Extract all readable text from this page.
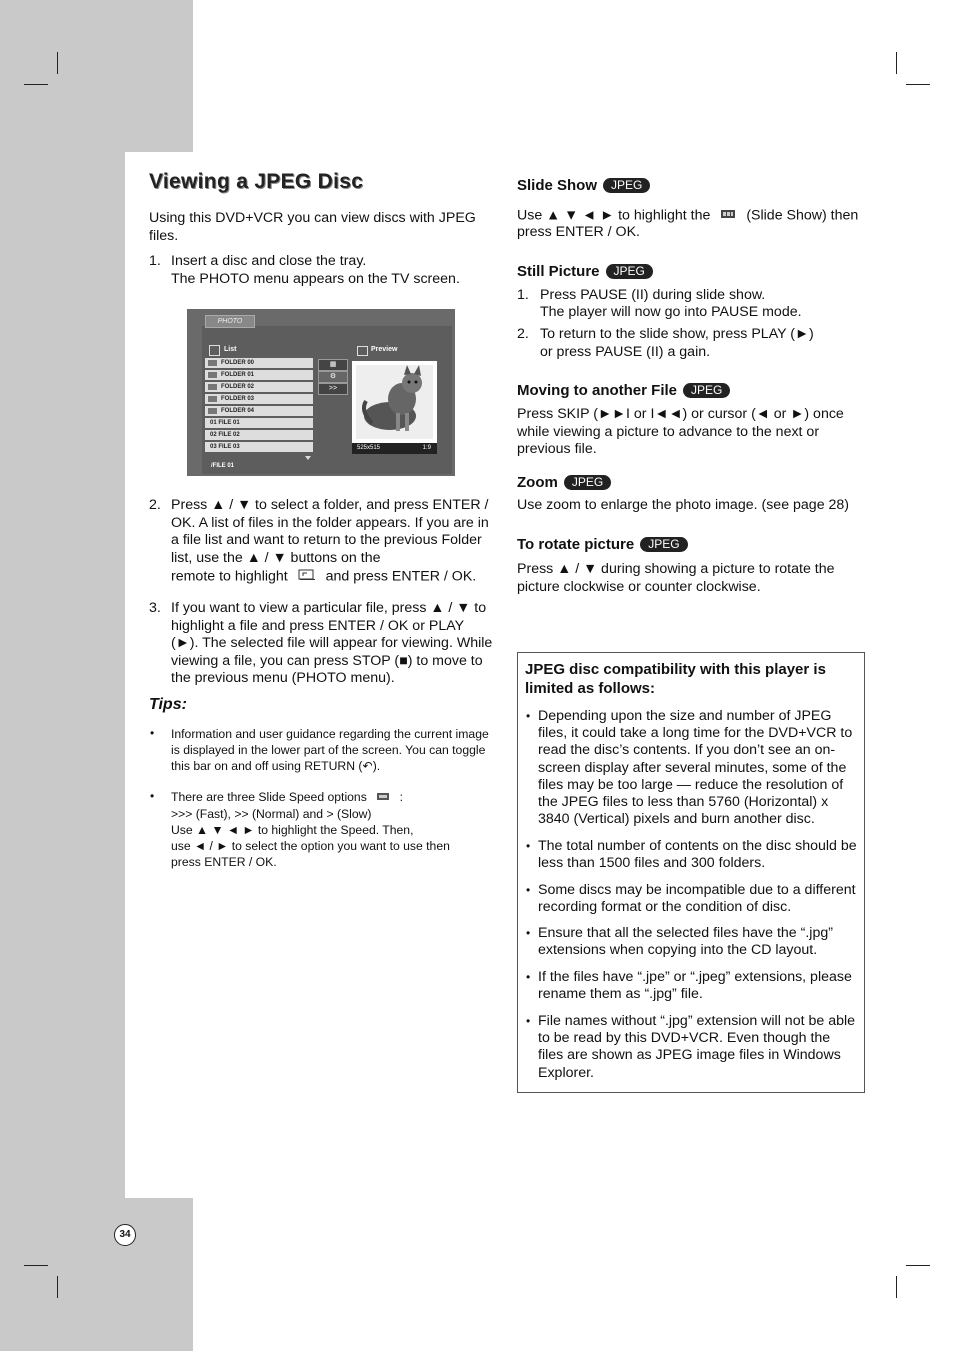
Viewing a JPEG Disc
Using this DVD+VCR you can view discs with JPEG files.
1. Insert a disc and close the tray.
The PHOTO menu appears on the TV screen.
PHOTO
List
FOLDER 00
FOLDER 01
FOLDER 02
FOLDER 03
FOLDER 04
01 FILE 01
02 FILE 02
03 FILE 03
▦
⚙
>>
Preview
525x515	1:9
/FILE 01
2. Press ▲ / ▼ to select a folder, and press ENTER / OK. A list of files in the folder appears. If you are in a file list and want to return to the previous Folder list, use the ▲ / ▼ buttons on the
remote to highlight	and press ENTER / OK.
3. If you want to view a particular file, press ▲ / ▼ to highlight a file and press ENTER / OK or PLAY (►). The selected file will appear for viewing. While viewing a file, you can press STOP (■) to move to the previous menu (PHOTO menu).
Tips:
• Information and user guidance regarding the current image is displayed in the lower part of the screen. You can toggle this bar on and off using RETURN (↶).
• There are three Slide Speed options	:
>>> (Fast), >> (Normal) and > (Slow)
Use ▲ ▼ ◄ ► to highlight the Speed. Then,
use ◄ / ► to select the option you want to use then
press ENTER / OK.
Slide Show JPEG
Use ▲ ▼ ◄ ► to highlight the	(Slide Show) then
press ENTER / OK.
Still Picture JPEG
1. Press PAUSE (II) during slide show.
The player will now go into PAUSE mode.
2. To return to the slide show, press PLAY (►)
or press PAUSE (II) a gain.
Moving to another File JPEG
Press SKIP (►►I or I◄◄) or cursor (◄ or ►) once while viewing a picture to advance to the next or previous file.
Zoom JPEG
Use zoom to enlarge the photo image. (see page 28)
To rotate picture JPEG
Press ▲ / ▼ during showing a picture to rotate the picture clockwise or counter clockwise.
JPEG disc compatibility with this player is limited as follows:
• Depending upon the size and number of JPEG files, it could take a long time for the DVD+VCR to read the disc’s contents. If you don’t see an on-screen display after several minutes, some of the files may be too large — reduce the resolution of the JPEG files to less than 5760 (Horizontal) x 3840 (Vertical) pixels and burn another disc.
• The total number of contents on the disc should be less than 1500 files and 300 folders.
• Some discs may be incompatible due to a different recording format or the condition of disc.
• Ensure that all the selected files have the “.jpg” extensions when copying into the CD layout.
• If the files have “.jpe” or “.jpeg” extensions, please rename them as “.jpg” file.
• File names without “.jpg” extension will not be able to be read by this DVD+VCR. Even though the files are shown as JPEG image files in Windows Explorer.
34
